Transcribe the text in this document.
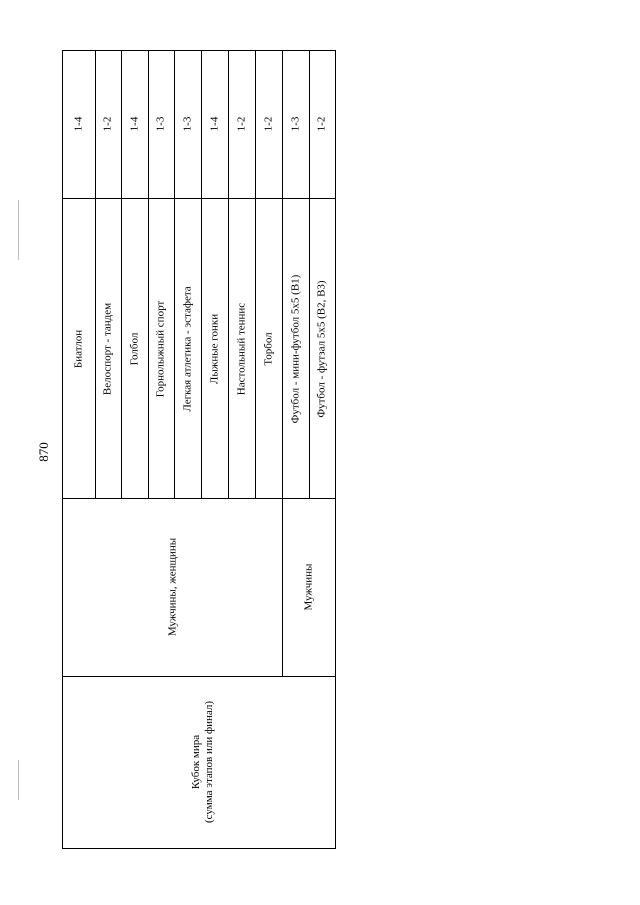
870
Кубок мира (сумма этапов или финал)
Мужчины, женщины	Мужчины
Биатлон Велоспорт - тандем Голбол Горнолыжный спорт Легкая атлетика - эстафета Лыжные гонки Настольный теннис Торбол Футбол - мини-футбол 5х5 (В1) Футбол - футзал 5х5 (В2, В3)
1-4 1-2 1-4 1-3 1-3 1-4 1-2 1-2 1-3 1-2
